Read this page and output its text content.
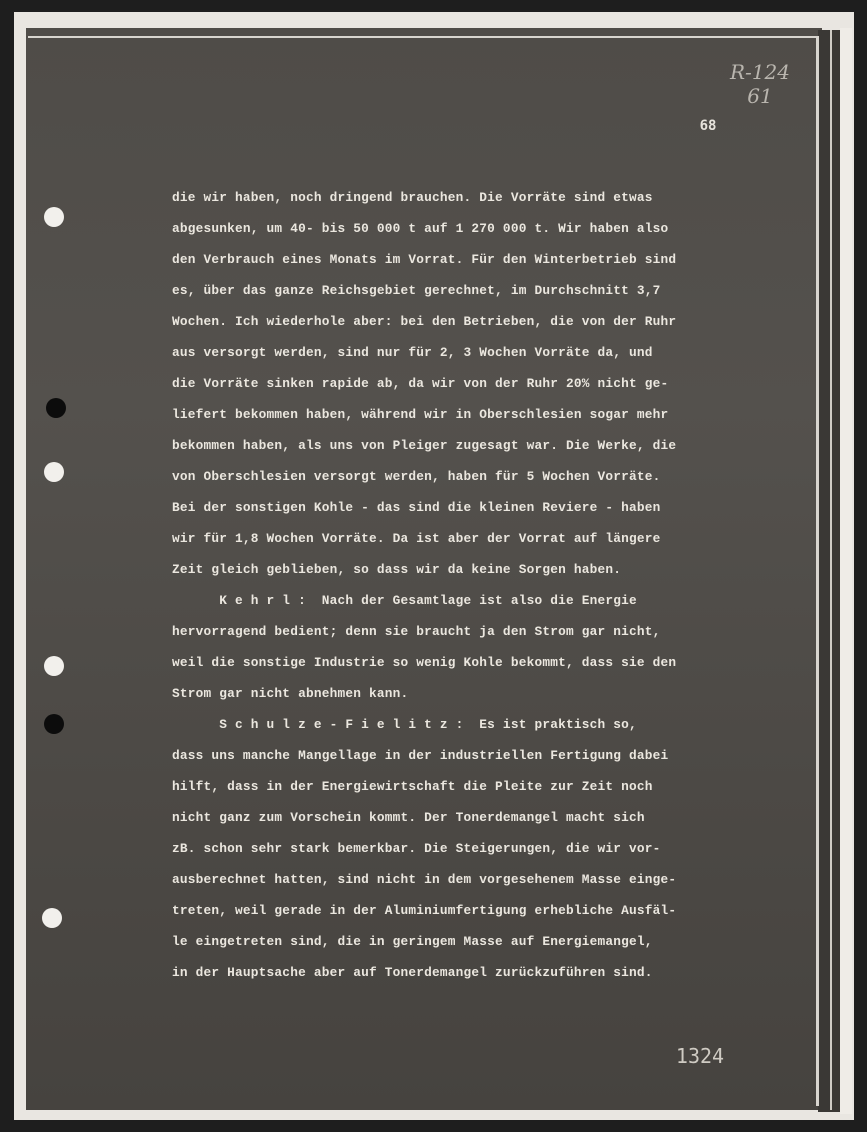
R-124
61
68
die wir haben, noch dringend brauchen. Die Vorräte sind etwas
abgesunken, um 40- bis 50 000 t auf 1 270 000 t. Wir haben also
den Verbrauch eines Monats im Vorrat. Für den Winterbetrieb sind
es, über das ganze Reichsgebiet gerechnet, im Durchschnitt 3,7
Wochen. Ich wiederhole aber: bei den Betrieben, die von der Ruhr
aus versorgt werden, sind nur für 2, 3 Wochen Vorräte da, und
die Vorräte sinken rapide ab, da wir von der Ruhr 20% nicht ge-
liefert bekommen haben, während wir in Oberschlesien sogar mehr
bekommen haben, als uns von Pleiger zugesagt war. Die Werke, die
von Oberschlesien versorgt werden, haben für 5 Wochen Vorräte.
Bei der sonstigen Kohle - das sind die kleinen Reviere - haben
wir für 1,8 Wochen Vorräte. Da ist aber der Vorrat auf längere
Zeit gleich geblieben, so dass wir da keine Sorgen haben.
K e h r l :  Nach der Gesamtlage ist also die Energie
hervorragend bedient; denn sie braucht ja den Strom gar nicht,
weil die sonstige Industrie so wenig Kohle bekommt, dass sie den
Strom gar nicht abnehmen kann.
S c h u l z e - F i e l i t z :  Es ist praktisch so,
dass uns manche Mangellage in der industriellen Fertigung dabei
hilft, dass in der Energiewirtschaft die Pleite zur Zeit noch
nicht ganz zum Vorschein kommt. Der Tonerdemangel macht sich
zB. schon sehr stark bemerkbar. Die Steigerungen, die wir vor-
ausberechnet hatten, sind nicht in dem vorgesehenem Masse einge-
treten, weil gerade in der Aluminiumfertigung erhebliche Ausfäl-
le eingetreten sind, die in geringem Masse auf Energiemangel,
in der Hauptsache aber auf Tonerdemangel zurückzuführen sind.
1324
